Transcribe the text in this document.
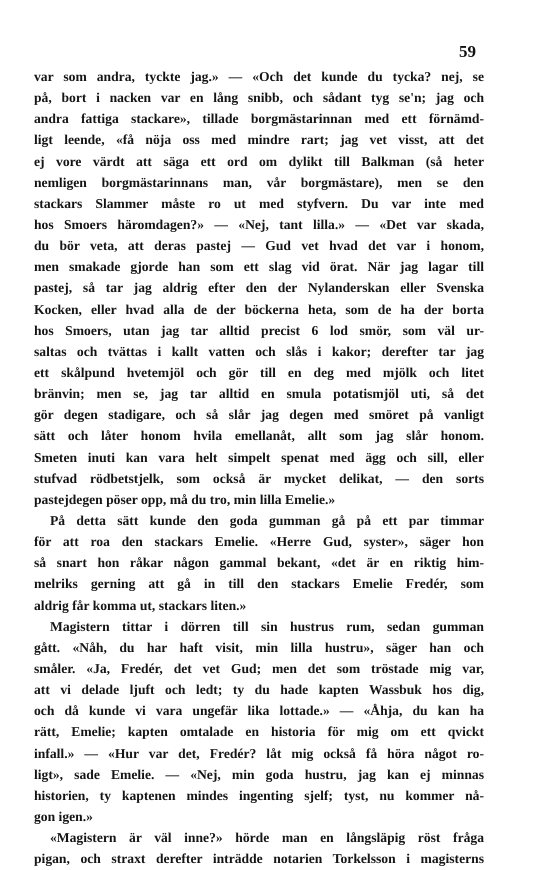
59
var som andra, tyckte jag.» — «Och det kunde du tycka? nej, se
på, bort i nacken var en lång snibb, och sådant tyg se'n; jag och
andra fattiga stackare», tillade borgmästarinnan med ett förnämd-
ligt leende, «få nöja oss med mindre rart; jag vet visst, att det
ej vore värdt att säga ett ord om dylikt till Balkman (så heter
nemligen borgmästarinnans man, vår borgmästare), men se den
stackars Slammer måste ro ut med styfvern. Du var inte med
hos Smoers häromdagen?» — «Nej, tant lilla.» — «Det var skada,
du bör veta, att deras pastej — Gud vet hvad det var i honom,
men smakade gjorde han som ett slag vid örat. När jag lagar till
pastej, så tar jag aldrig efter den der Nylanderskan eller Svenska
Kocken, eller hvad alla de der böckerna heta, som de ha der borta
hos Smoers, utan jag tar alltid precist 6 lod smör, som väl ur-
saltas och tvättas i kallt vatten och slås i kakor; derefter tar jag
ett skålpund hvetemjöl och gör till en deg med mjölk och litet
bränvin; men se, jag tar alltid en smula potatismjöl uti, så det
gör degen stadigare, och så slår jag degen med smöret på vanligt
sätt och låter honom hvila emellanåt, allt som jag slår honom.
Smeten inuti kan vara helt simpelt spenat med ägg och sill, eller
stufvad rödbetstjelk, som också är mycket delikat, — den sorts
pastejdegen pöser opp, må du tro, min lilla Emelie.»
På detta sätt kunde den goda gumman gå på ett par timmar
för att roa den stackars Emelie. «Herre Gud, syster», säger hon
så snart hon råkar någon gammal bekant, «det är en riktig him-
melriks gerning att gå in till den stackars Emelie Fredér, som
aldrig får komma ut, stackars liten.»
Magistern tittar i dörren till sin hustrus rum, sedan gumman
gått. «Nåh, du har haft visit, min lilla hustru», säger han och
småler. «Ja, Fredér, det vet Gud; men det som tröstade mig var,
att vi delade ljuft och ledt; ty du hade kapten Wassbuk hos dig,
och då kunde vi vara ungefär lika lottade.» — «Åhja, du kan ha
rätt, Emelie; kapten omtalade en historia för mig om ett qvickt
infall.» — «Hur var det, Fredér? låt mig också få höra något ro-
ligt», sade Emelie. — «Nej, min goda hustru, jag kan ej minnas
historien, ty kaptenen mindes ingenting sjelf; tyst, nu kommer nå-
gon igen.»
«Magistern är väl inne?» hörde man en långsläpig röst fråga
pigan, och straxt derefter inträdde notarien Torkelsson i magisterns
